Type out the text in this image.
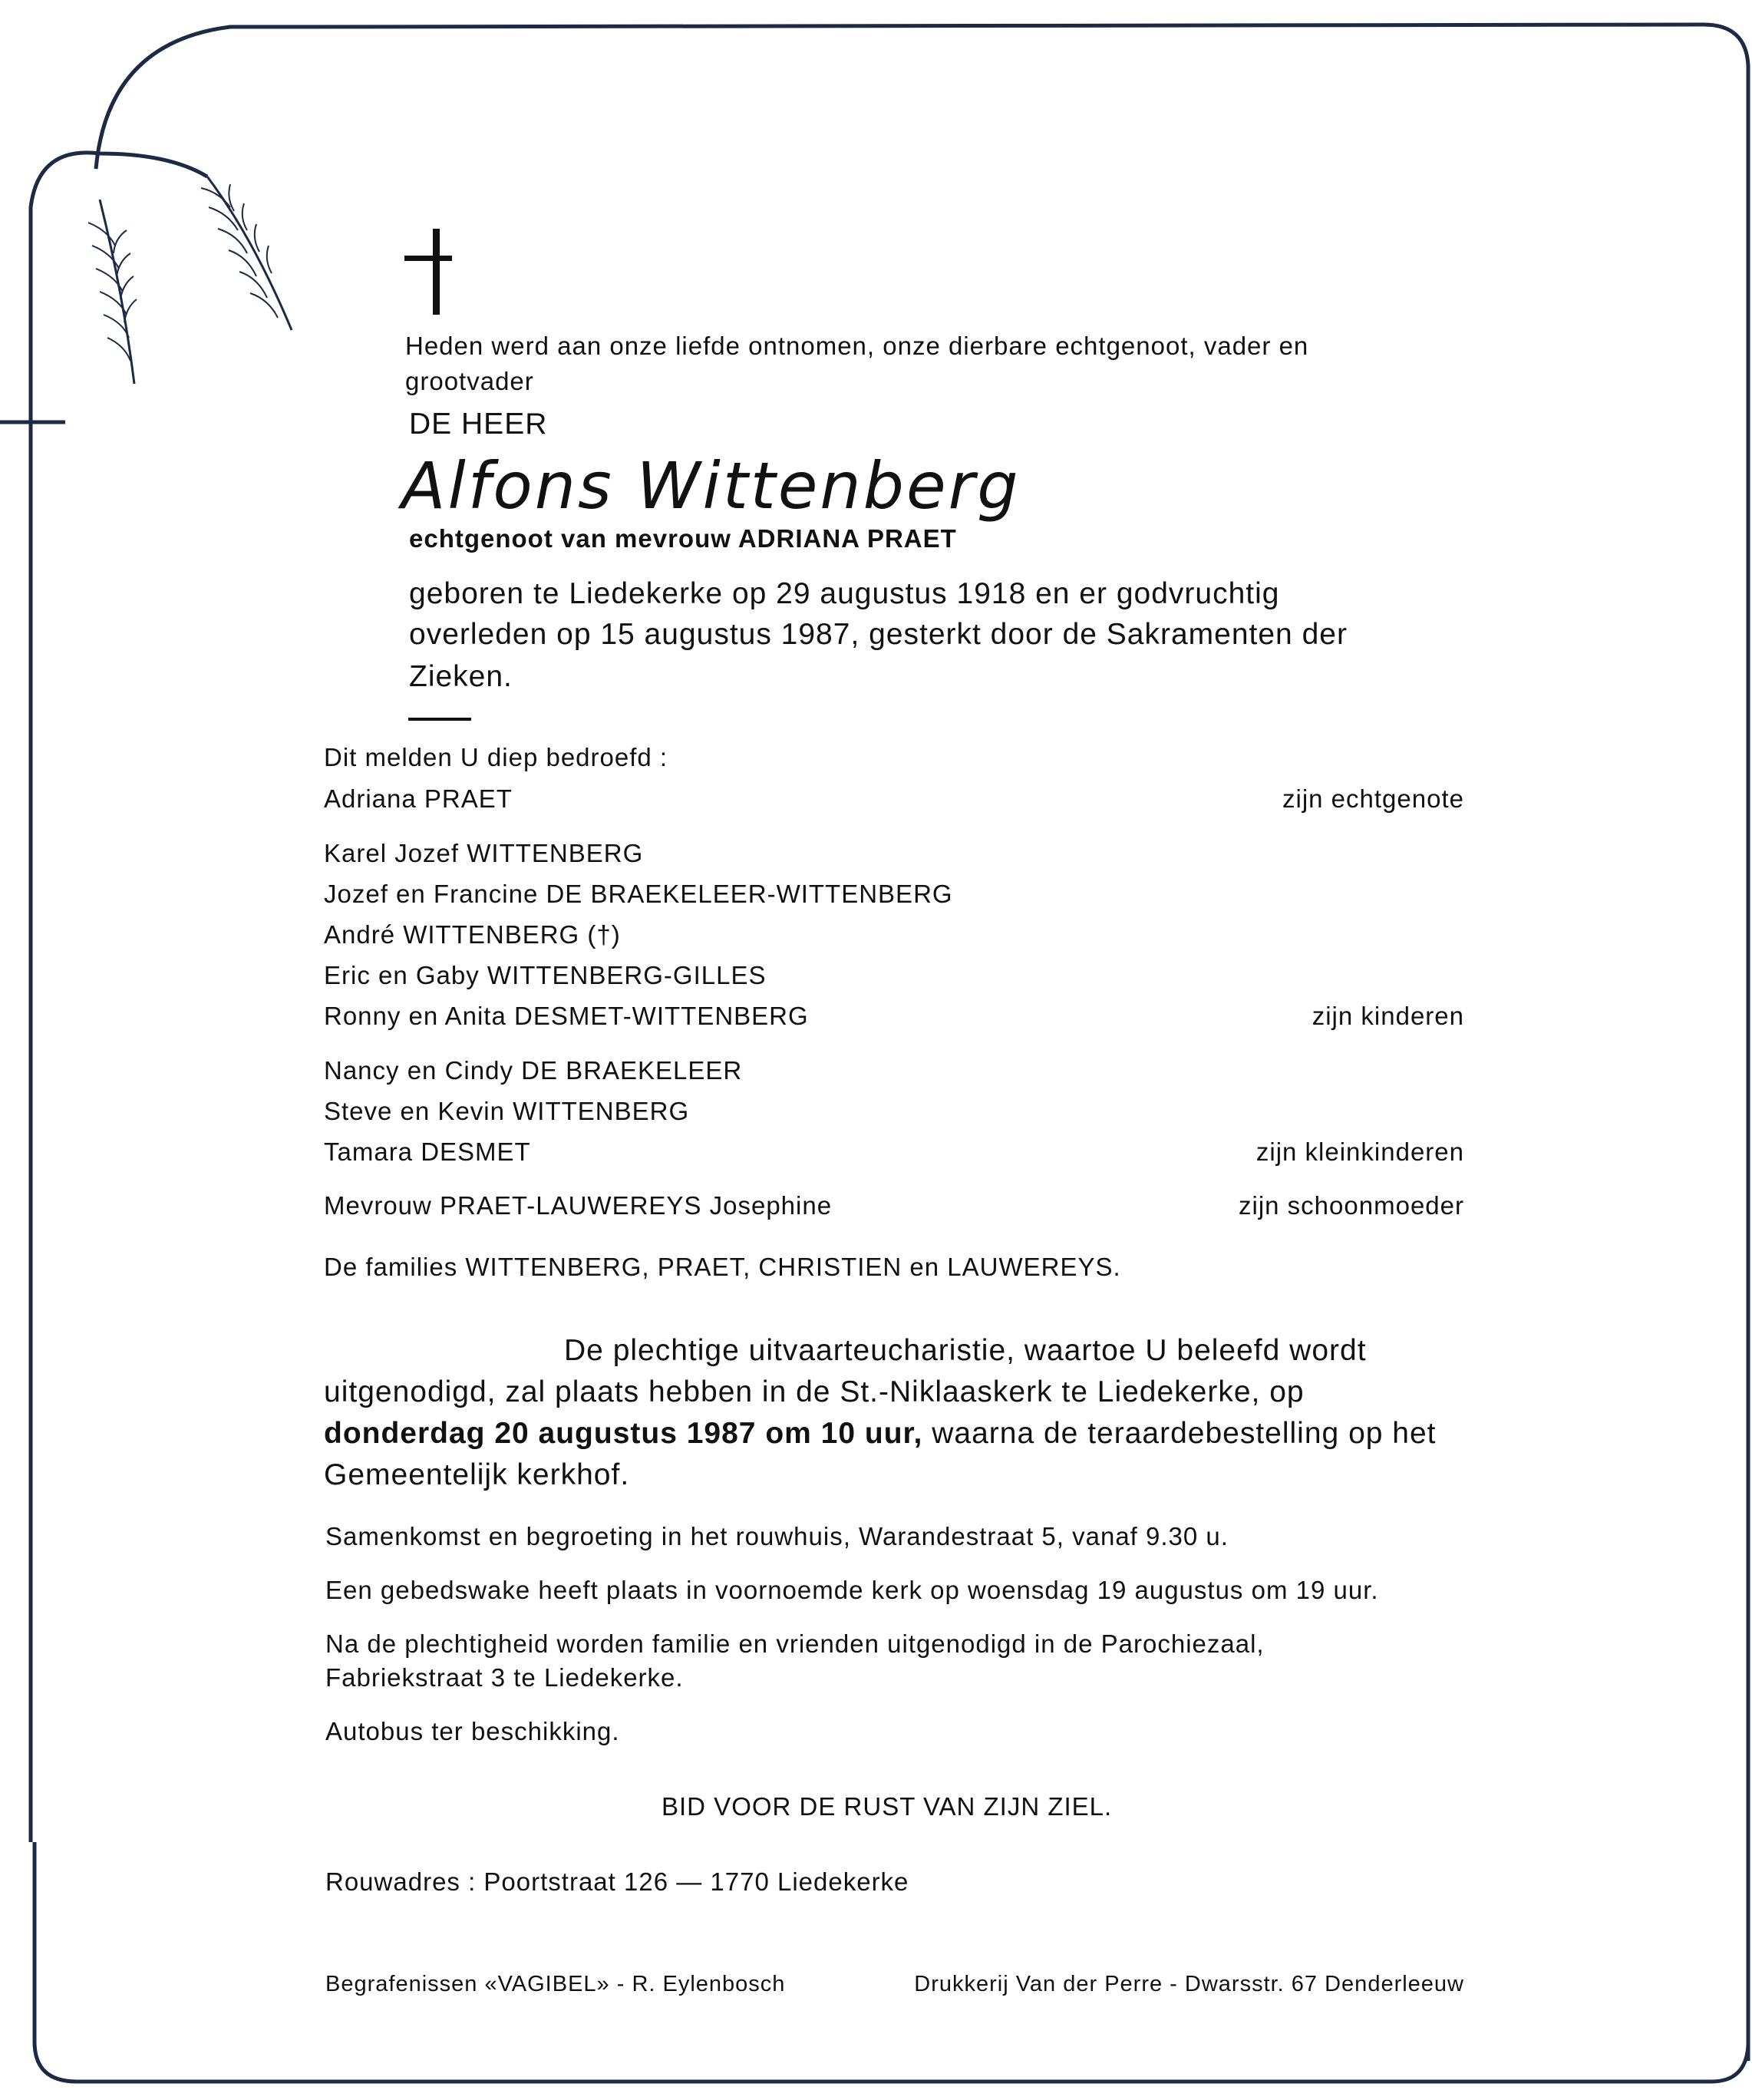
Heden werd aan onze liefde ontnomen, onze dierbare echtgenoot, vader en
grootvader
DE HEER
Alfons Wittenberg
echtgenoot van mevrouw ADRIANA PRAET
geboren te Liedekerke op 29 augustus 1918 en er godvruchtig
overleden op 15 augustus 1987, gesterkt door de Sakramenten der
Zieken.
Dit melden U diep bedroefd :
Adriana PRAET	zijn echtgenote
Karel Jozef WITTENBERG
Jozef en Francine DE BRAEKELEER-WITTENBERG
André WITTENBERG (†)
Eric en Gaby WITTENBERG-GILLES
Ronny en Anita DESMET-WITTENBERG	zijn kinderen
Nancy en Cindy DE BRAEKELEER
Steve en Kevin WITTENBERG
Tamara DESMET	zijn kleinkinderen
Mevrouw PRAET-LAUWEREYS Josephine	zijn schoonmoeder
De families WITTENBERG, PRAET, CHRISTIEN en LAUWEREYS.
De plechtige uitvaarteucharistie, waartoe U beleefd wordt
uitgenodigd, zal plaats hebben in de St.-Niklaaskerk te Liedekerke, op
donderdag 20 augustus 1987 om 10 uur, waarna de teraardebestelling op het
Gemeentelijk kerkhof.
Samenkomst en begroeting in het rouwhuis, Warandestraat 5, vanaf 9.30 u.
Een gebedswake heeft plaats in voornoemde kerk op woensdag 19 augustus om 19 uur.
Na de plechtigheid worden familie en vrienden uitgenodigd in de Parochiezaal,
Fabriekstraat 3 te Liedekerke.
Autobus ter beschikking.
BID VOOR DE RUST VAN ZIJN ZIEL.
Rouwadres : Poortstraat 126 — 1770 Liedekerke
Begrafenissen «VAGIBEL» - R. Eylenbosch	Drukkerij Van der Perre - Dwarsstr. 67 Denderleeuw
